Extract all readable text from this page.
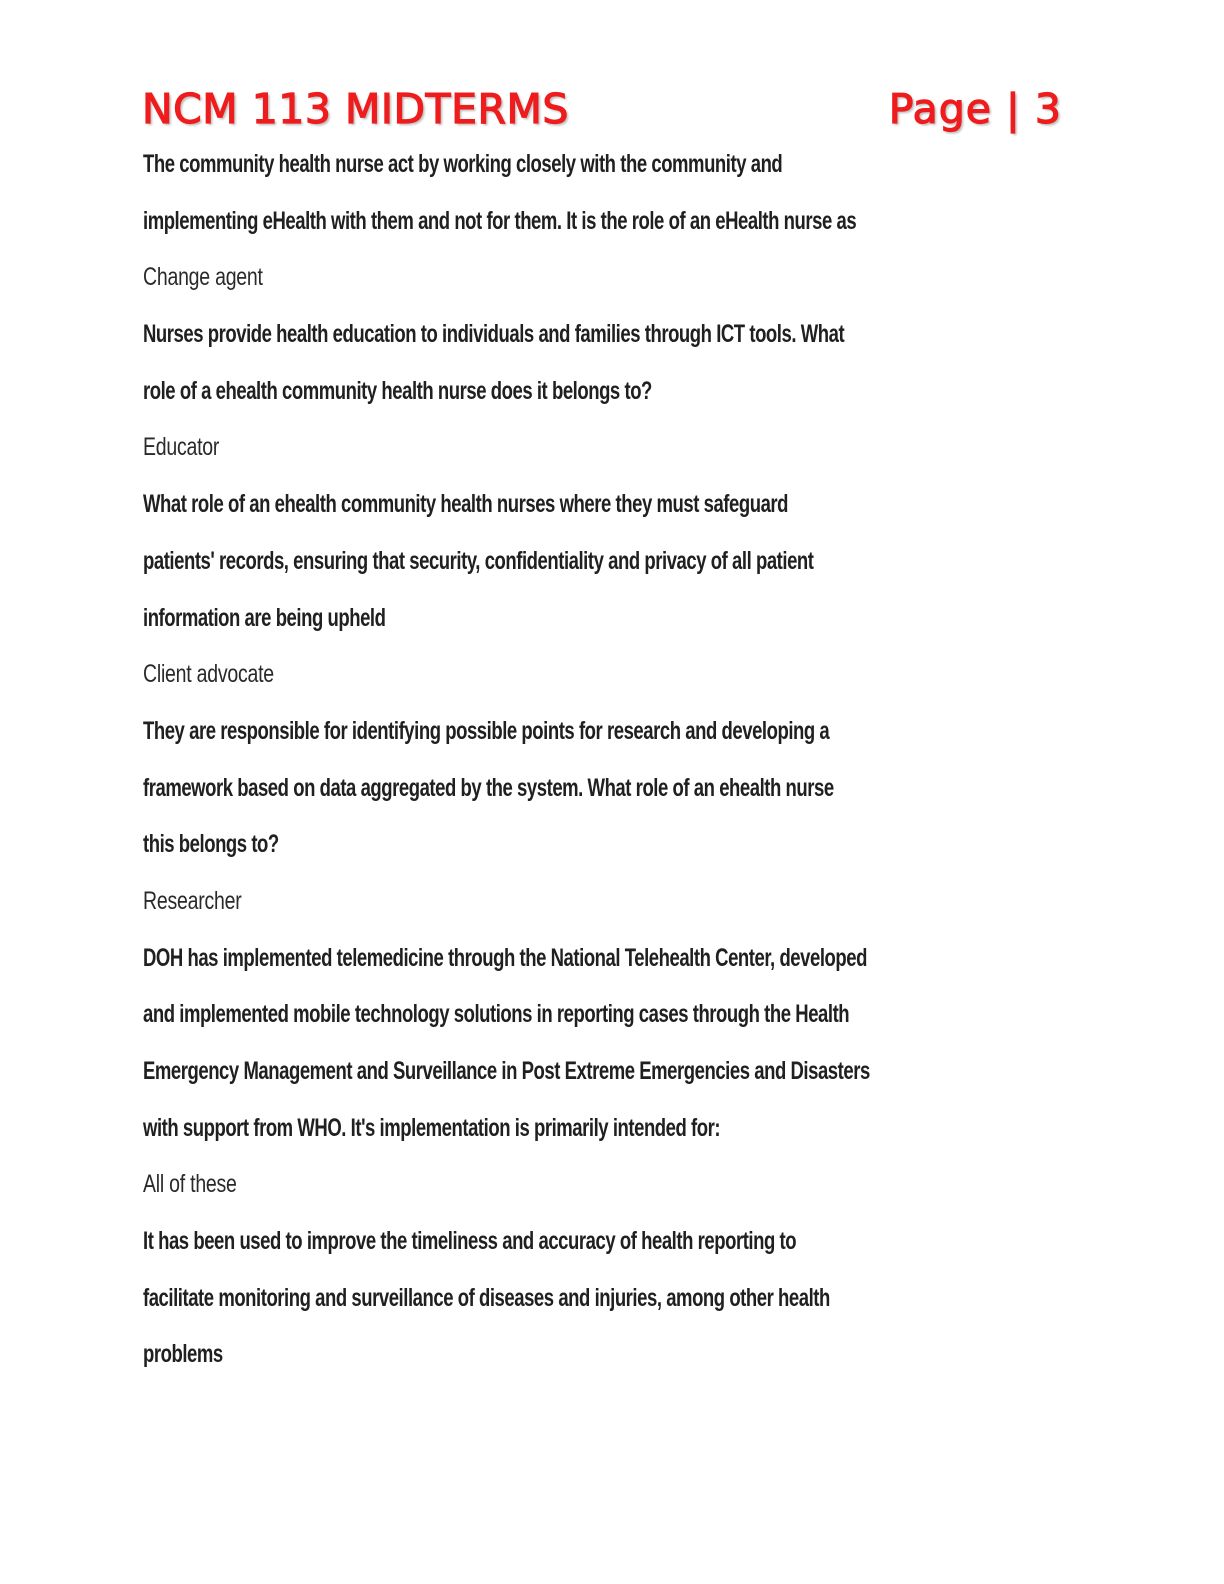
NCM 113 MIDTERMS	Page | 3
The community health nurse act by working closely with the community and
implementing eHealth with them and not for them. It is the role of an eHealth nurse as
Change agent
Nurses provide health education to individuals and families through ICT tools. What
role of a ehealth community health nurse does it belongs to?
Educator
What role of an ehealth community health nurses where they must safeguard
patients' records, ensuring that security, confidentiality and privacy of all patient
information are being upheld
Client advocate
They are responsible for identifying possible points for research and developing a
framework based on data aggregated by the system. What role of an ehealth nurse
this belongs to?
Researcher
DOH has implemented telemedicine through the National Telehealth Center, developed
and implemented mobile technology solutions in reporting cases through the Health
Emergency Management and Surveillance in Post Extreme Emergencies and Disasters
with support from WHO. It's implementation is primarily intended for:
All of these
It has been used to improve the timeliness and accuracy of health reporting to
facilitate monitoring and surveillance of diseases and injuries, among other health
problems
